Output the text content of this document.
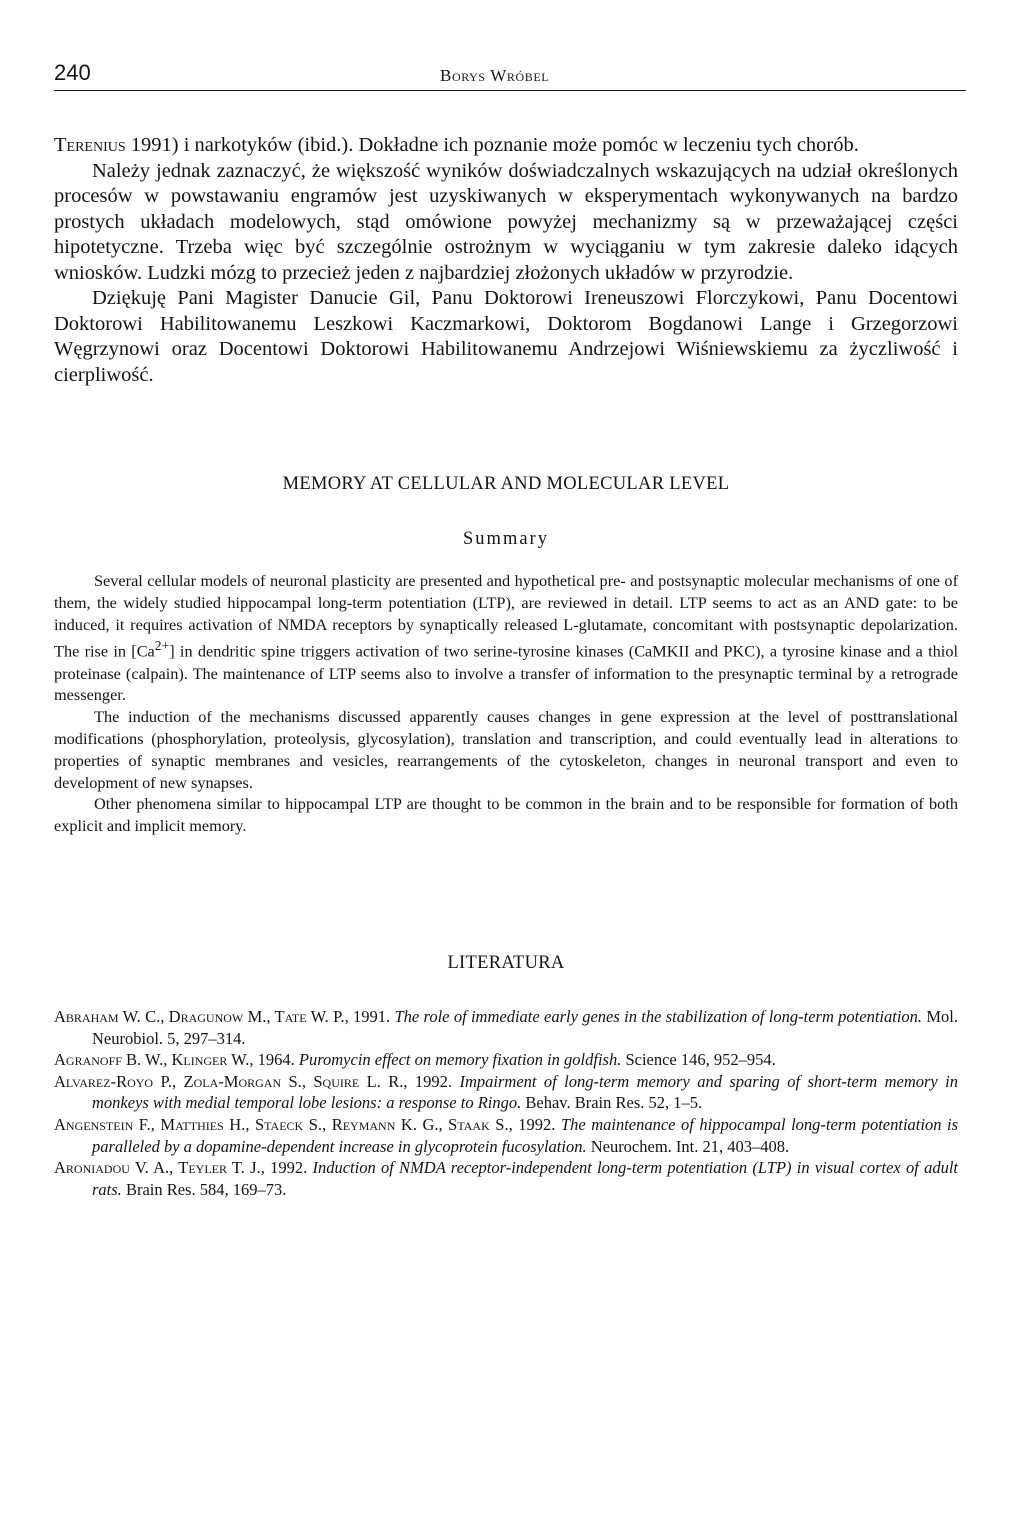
240	Borys Wróbel

Terenius 1991) i narkotyków (ibid.). Dokładne ich poznanie może pomóc w leczeniu tych chorób.

Należy jednak zaznaczyć, że większość wyników doświadczalnych wskazujących na udział określonych procesów w powstawaniu engramów jest uzyskiwanych w eksperymentach wykonywanych na bardzo prostych układach modelowych, stąd omówione powyżej mechanizmy są w przeważającej części hipotetyczne. Trzeba więc być szczególnie ostrożnym w wyciąganiu w tym zakresie daleko idących wniosków. Ludzki mózg to przecież jeden z najbardziej złożonych układów w przyrodzie.

Dziękuję Pani Magister Danucie Gil, Panu Doktorowi Ireneuszowi Florczykowi, Panu Docentowi Doktorowi Habilitowanemu Leszkowi Kaczmarkowi, Doktorom Bogdanowi Lange i Grzegorzowi Węgrzynowi oraz Docentowi Doktorowi Habilitowanemu Andrzejowi Wiśniewskiemu za życzliwość i cierpliwość.

MEMORY AT CELLULAR AND MOLECULAR LEVEL
Summary

Several cellular models of neuronal plasticity are presented and hypothetical pre- and postsynaptic molecular mechanisms of one of them, the widely studied hippocampal long-term potentiation (LTP), are reviewed in detail. LTP seems to act as an AND gate: to be induced, it requires activation of NMDA receptors by synaptically released L-glutamate, concomitant with postsynaptic depolarization. The rise in $[Ca^{2+}]$ in dendritic spine triggers activation of two serine-tyrosine kinases (CaMKII and PKC), a tyrosine kinase and a thiol proteinase (calpain). The maintenance of LTP seems also to involve a transfer of information to the presynaptic terminal by a retrograde messenger.

The induction of the mechanisms discussed apparently causes changes in gene expression at the level of posttranslational modifications (phosphorylation, proteolysis, glycosylation), translation and transcription, and could eventually lead in alterations to properties of synaptic membranes and vesicles, rearrangements of the cytoskeleton, changes in neuronal transport and even to development of new synapses.

Other phenomena similar to hippocampal LTP are thought to be common in the brain and to be responsible for formation of both explicit and implicit memory.

LITERATURA

Abraham W. C., Dragunow M., Tate W. P., 1991. The role of immediate early genes in the stabilization of long-term potentiation. Mol. Neurobiol. 5, 297–314.

Agranoff B. W., Klinger W., 1964. Puromycin effect on memory fixation in goldfish. Science 146, 952–954.

Alvarez-Royo P., Zola-Morgan S., Squire L. R., 1992. Impairment of long-term memory and sparing of short-term memory in monkeys with medial temporal lobe lesions: a response to Ringo. Behav. Brain Res. 52, 1–5.

Angenstein F., Matthies H., Staeck S., Reymann K. G., Staak S., 1992. The maintenance of hippocampal long-term potentiation is paralleled by a dopamine-dependent increase in glycoprotein fucosylation. Neurochem. Int. 21, 403–408.

Aroniadou V. A., Teyler T. J., 1992. Induction of NMDA receptor-independent long-term potentiation (LTP) in visual cortex of adult rats. Brain Res. 584, 169–73.
